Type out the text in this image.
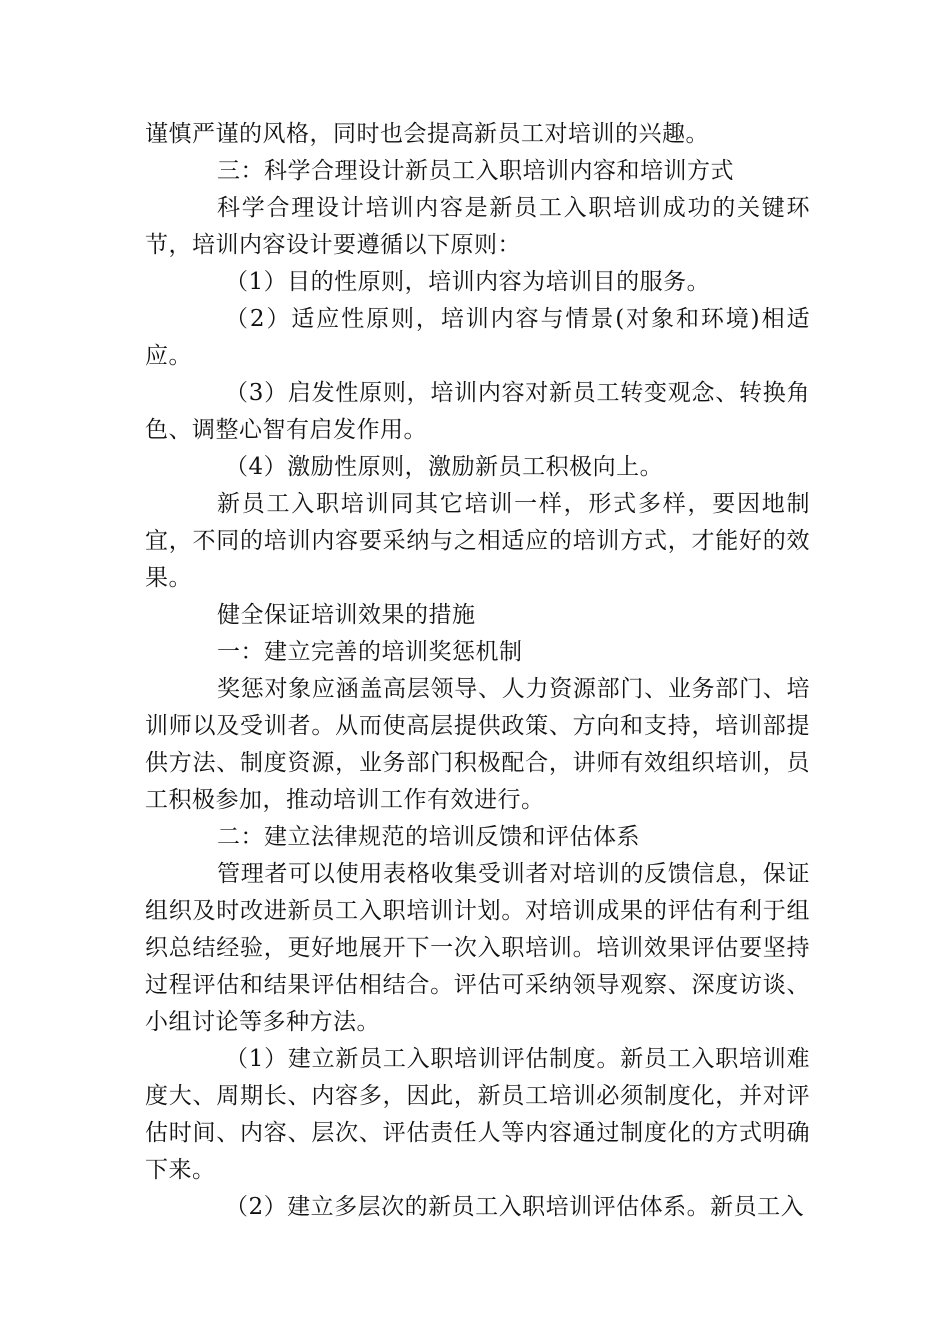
谨慎严谨的风格，同时也会提高新员工对培训的兴趣。

三：科学合理设计新员工入职培训内容和培训方式

科学合理设计培训内容是新员工入职培训成功的关键环节，培训内容设计要遵循以下原则：

（1）目的性原则，培训内容为培训目的服务。

（2）适应性原则，培训内容与情景(对象和环境)相适应。

（3）启发性原则，培训内容对新员工转变观念、转换角色、调整心智有启发作用。

（4）激励性原则，激励新员工积极向上。

新员工入职培训同其它培训一样，形式多样，要因地制宜，不同的培训内容要采纳与之相适应的培训方式，才能好的效果。

健全保证培训效果的措施

一：建立完善的培训奖惩机制

奖惩对象应涵盖高层领导、人力资源部门、业务部门、培训师以及受训者。从而使高层提供政策、方向和支持，培训部提供方法、制度资源，业务部门积极配合，讲师有效组织培训，员工积极参加，推动培训工作有效进行。

二：建立法律规范的培训反馈和评估体系

管理者可以使用表格收集受训者对培训的反馈信息，保证组织及时改进新员工入职培训计划。对培训成果的评估有利于组织总结经验，更好地展开下一次入职培训。培训效果评估要坚持过程评估和结果评估相结合。评估可采纳领导观察、深度访谈、小组讨论等多种方法。

（1）建立新员工入职培训评估制度。新员工入职培训难度大、周期长、内容多，因此，新员工培训必须制度化，并对评估时间、内容、层次、评估责任人等内容通过制度化的方式明确下来。

（2）建立多层次的新员工入职培训评估体系。新员工入
